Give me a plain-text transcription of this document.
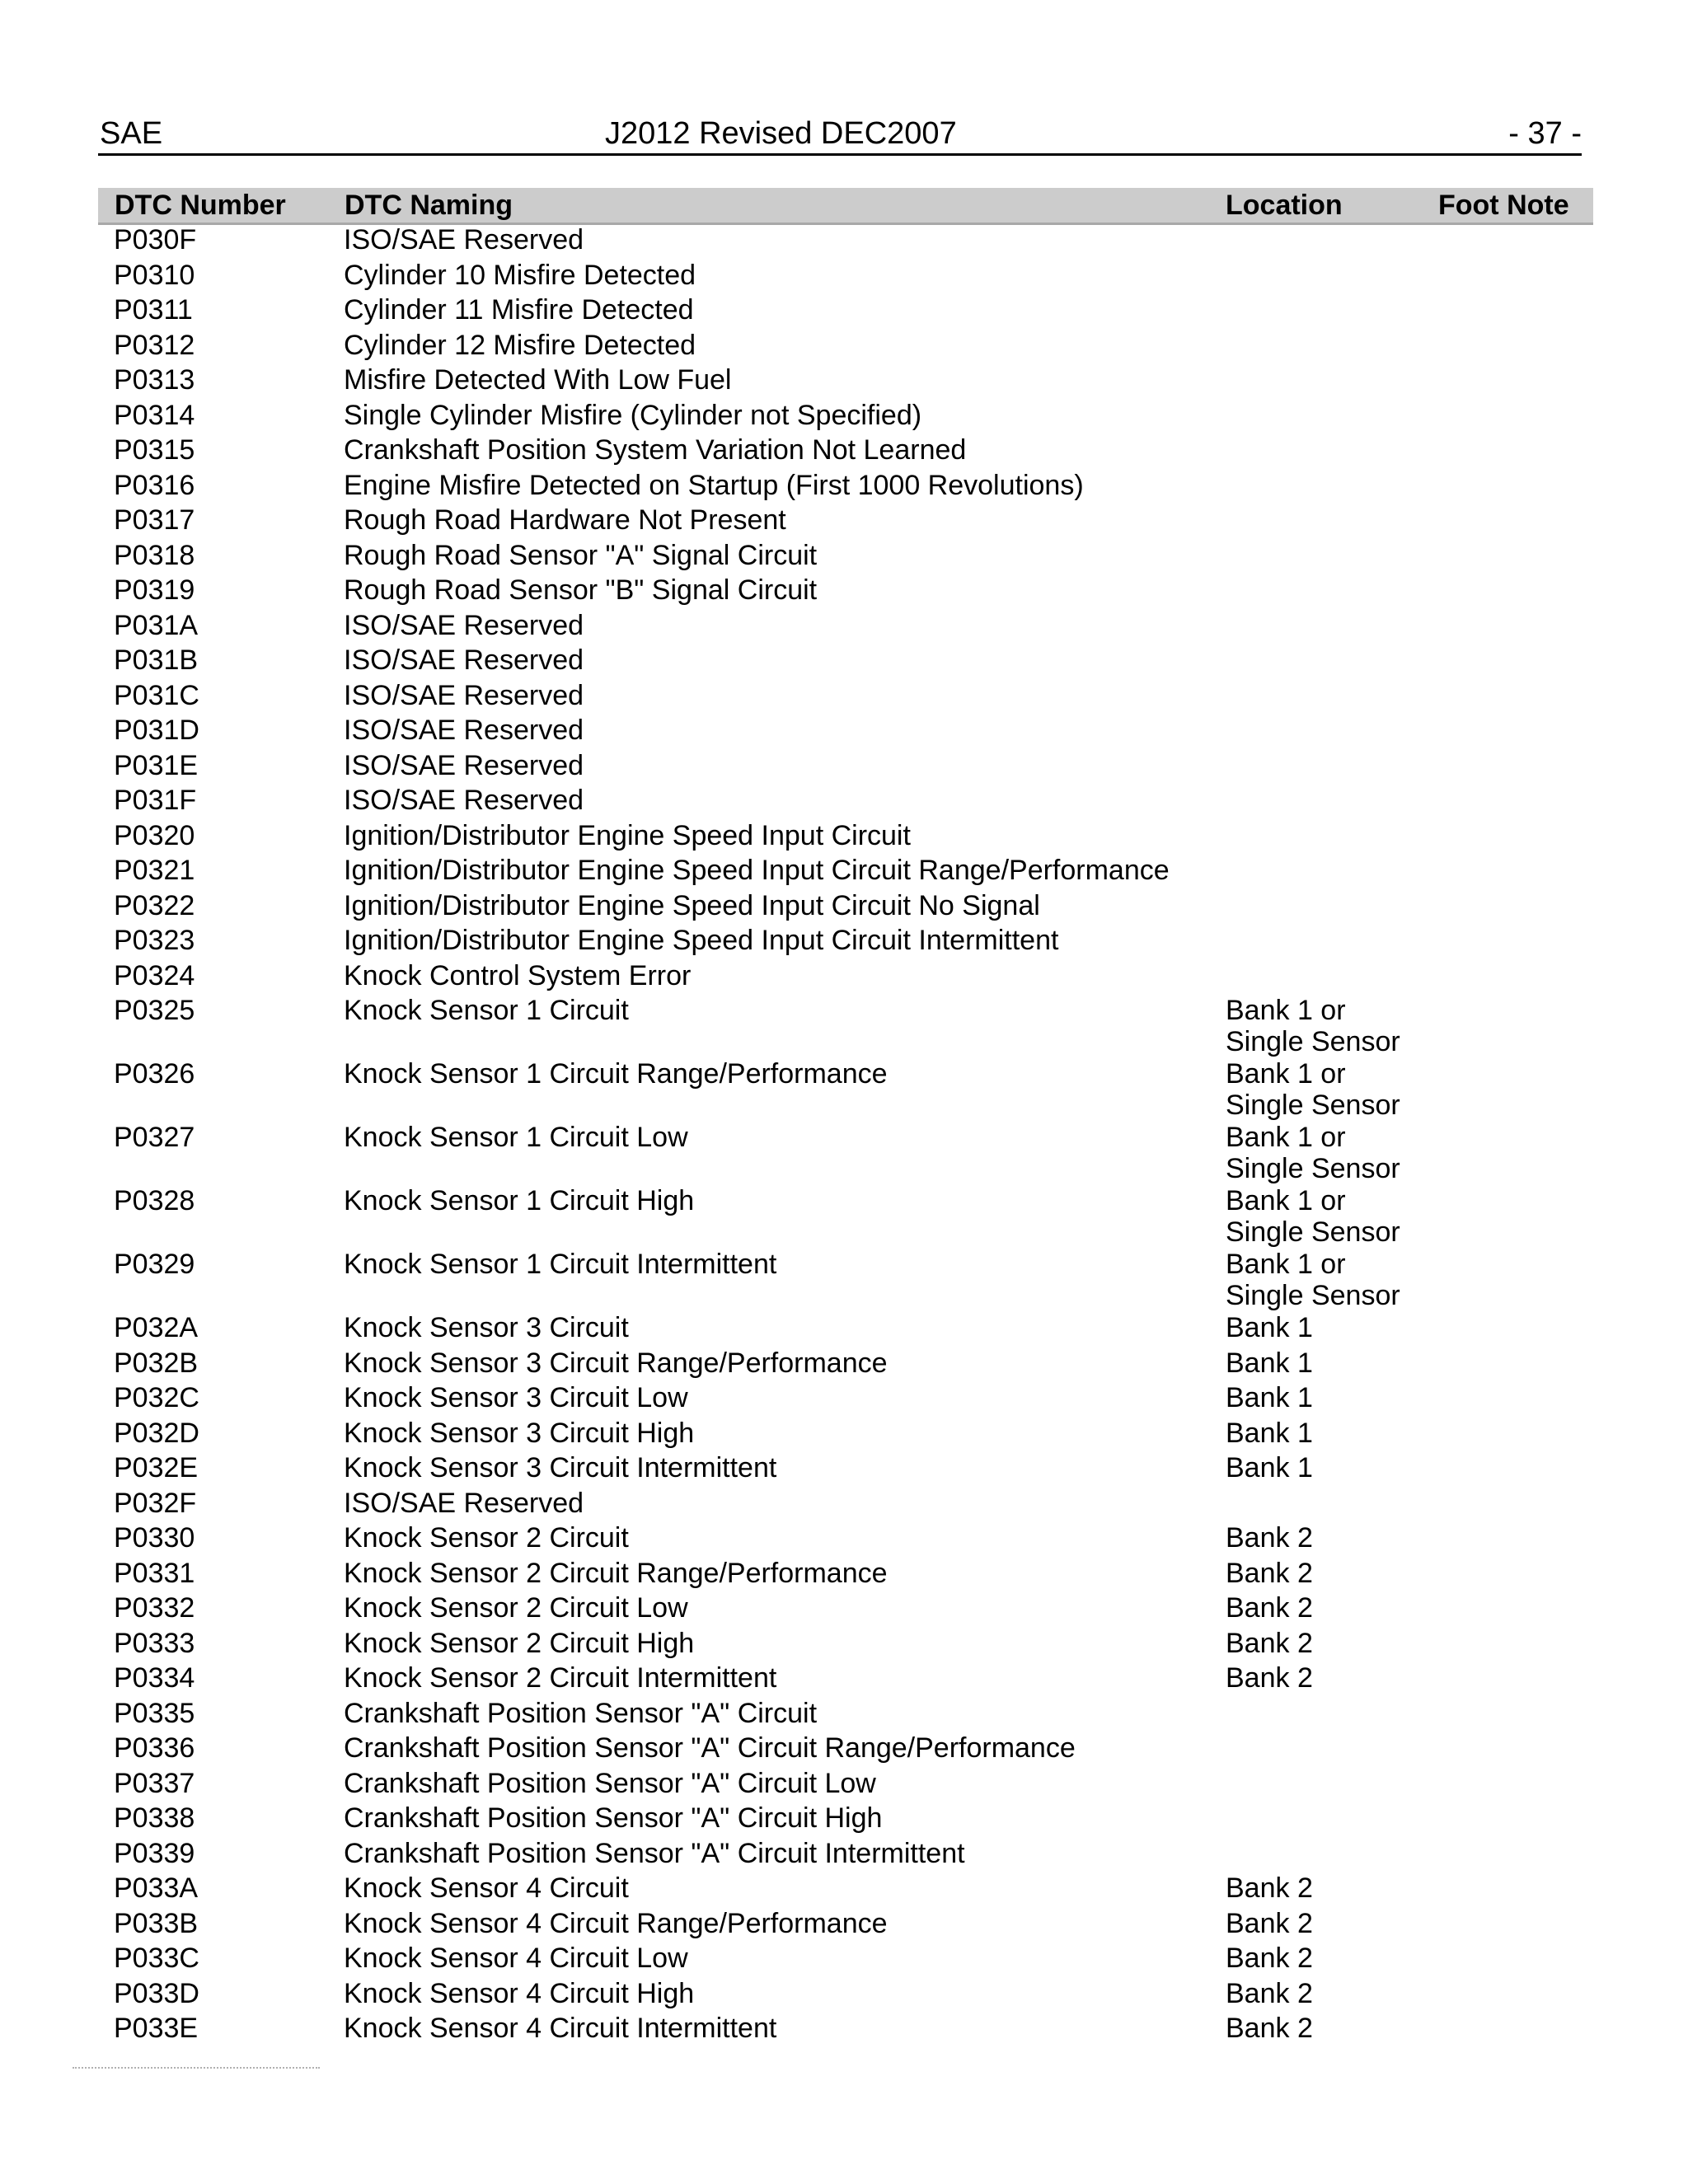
SAE	J2012 Revised DEC2007	- 37 -
DTC Number DTC Naming	Location	Foot Note
P030F	ISO/SAE Reserved
P0310	Cylinder 10 Misfire Detected
P0311	Cylinder 11 Misfire Detected
P0312	Cylinder 12 Misfire Detected
P0313	Misfire Detected With Low Fuel
P0314	Single Cylinder Misfire (Cylinder not Specified)
P0315	Crankshaft Position System Variation Not Learned
P0316	Engine Misfire Detected on Startup (First 1000 Revolutions)
P0317	Rough Road Hardware Not Present
P0318	Rough Road Sensor "A" Signal Circuit
P0319	Rough Road Sensor "B" Signal Circuit
P031A	ISO/SAE Reserved
P031B	ISO/SAE Reserved
P031C	ISO/SAE Reserved
P031D	ISO/SAE Reserved
P031E	ISO/SAE Reserved
P031F	ISO/SAE Reserved
P0320	Ignition/Distributor Engine Speed Input Circuit
P0321	Ignition/Distributor Engine Speed Input Circuit Range/Performance
P0322	Ignition/Distributor Engine Speed Input Circuit No Signal
P0323	Ignition/Distributor Engine Speed Input Circuit Intermittent
P0324	Knock Control System Error
P0325	Knock Sensor 1 Circuit	Bank 1 or
Single Sensor
P0326	Knock Sensor 1 Circuit Range/Performance	Bank 1 or
Single Sensor
P0327	Knock Sensor 1 Circuit Low	Bank 1 or
Single Sensor
P0328	Knock Sensor 1 Circuit High	Bank 1 or
Single Sensor
P0329	Knock Sensor 1 Circuit Intermittent	Bank 1 or
Single Sensor
P032A	Knock Sensor 3 Circuit	Bank 1
P032B	Knock Sensor 3 Circuit Range/Performance	Bank 1
P032C	Knock Sensor 3 Circuit Low	Bank 1
P032D	Knock Sensor 3 Circuit High	Bank 1
P032E	Knock Sensor 3 Circuit Intermittent	Bank 1
P032F	ISO/SAE Reserved
P0330	Knock Sensor 2 Circuit	Bank 2
P0331	Knock Sensor 2 Circuit Range/Performance	Bank 2
P0332	Knock Sensor 2 Circuit Low	Bank 2
P0333	Knock Sensor 2 Circuit High	Bank 2
P0334	Knock Sensor 2 Circuit Intermittent	Bank 2
P0335	Crankshaft Position Sensor "A" Circuit
P0336	Crankshaft Position Sensor "A" Circuit Range/Performance
P0337	Crankshaft Position Sensor "A" Circuit Low
P0338	Crankshaft Position Sensor "A" Circuit High
P0339	Crankshaft Position Sensor "A" Circuit Intermittent
P033A	Knock Sensor 4 Circuit	Bank 2
P033B	Knock Sensor 4 Circuit Range/Performance	Bank 2
P033C	Knock Sensor 4 Circuit Low	Bank 2
P033D	Knock Sensor 4 Circuit High	Bank 2
P033E	Knock Sensor 4 Circuit Intermittent	Bank 2
